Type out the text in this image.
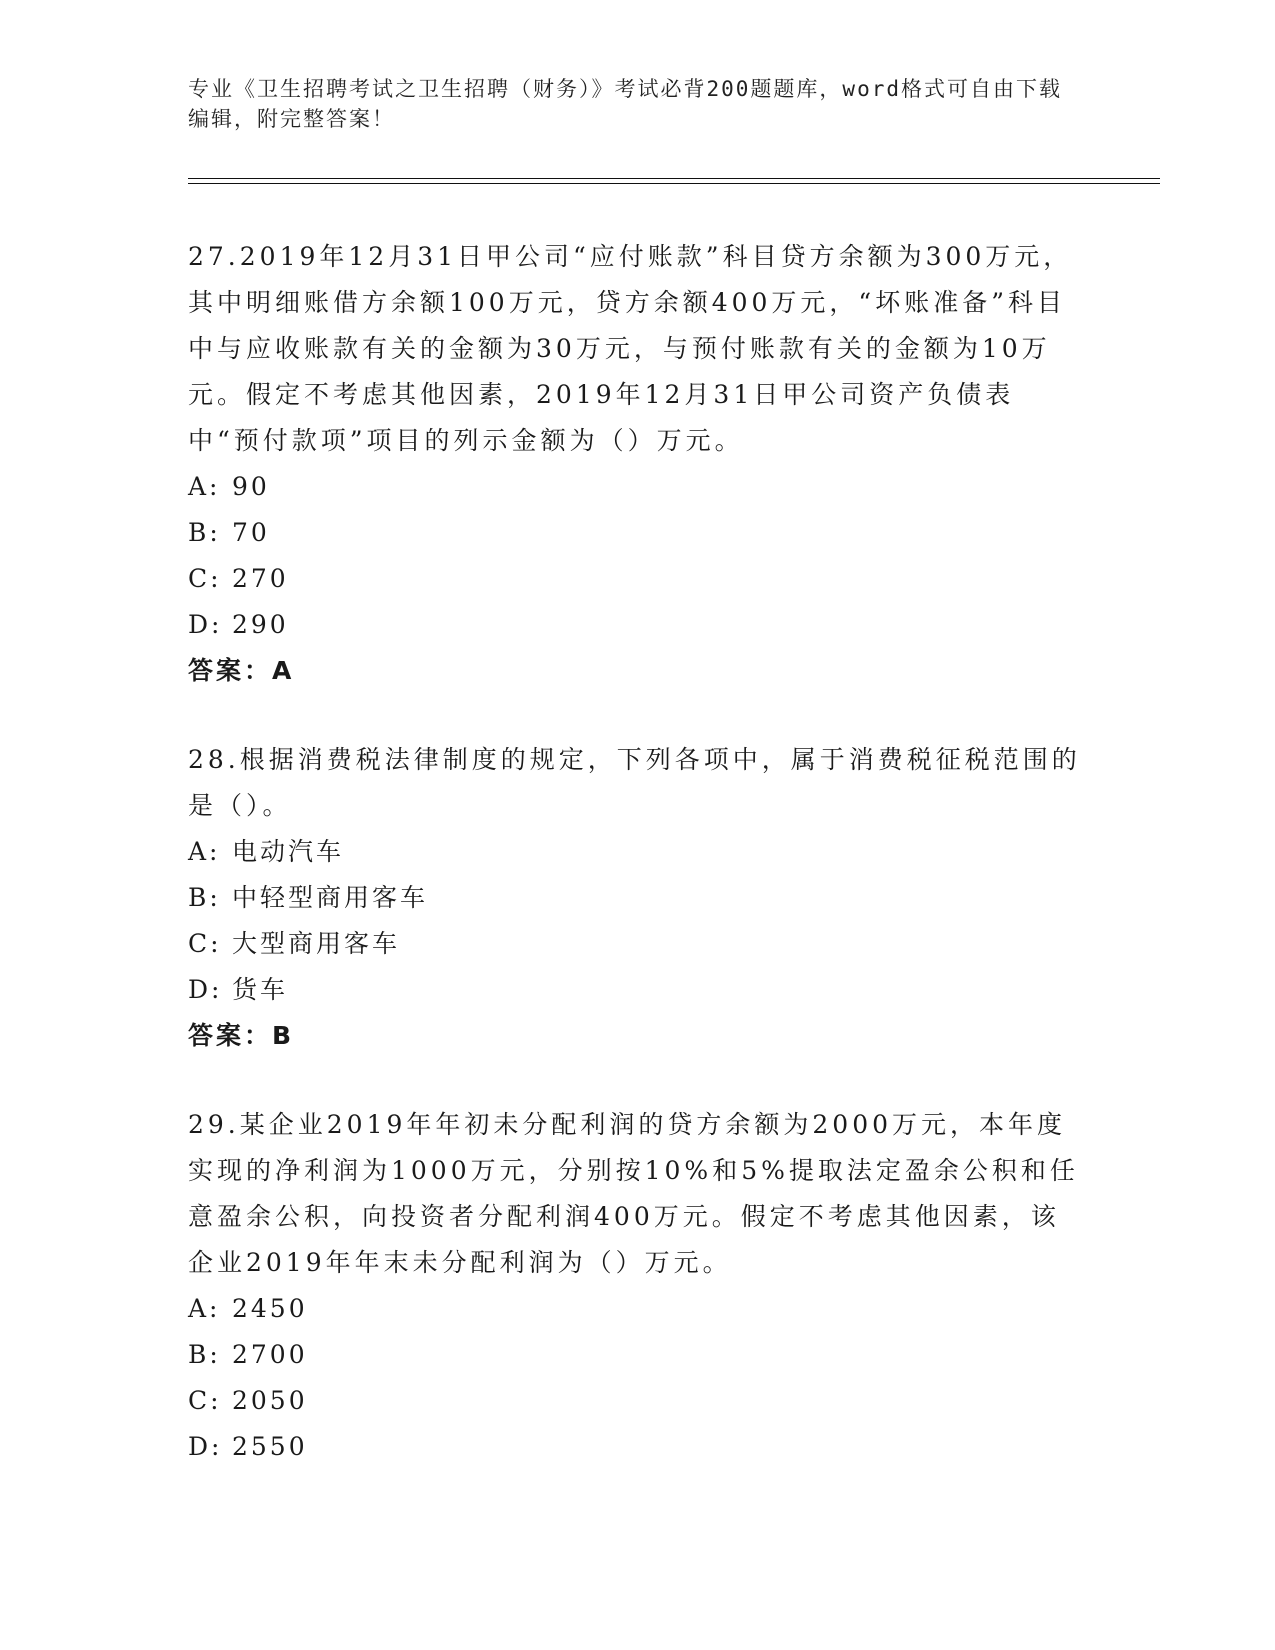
专业《卫生招聘考试之卫生招聘（财务）》考试必背200题题库，word格式可自由下载编辑，附完整答案！

27.2019年12月31日甲公司“应付账款”科目贷方余额为300万元，其中明细账借方余额100万元，贷方余额400万元，“坏账准备”科目中与应收账款有关的金额为30万元，与预付账款有关的金额为10万元。假定不考虑其他因素，2019年12月31日甲公司资产负债表中“预付款项”项目的列示金额为（）万元。

A: 90

B: 70

C: 270

D: 290

答案：A

28.根据消费税法律制度的规定，下列各项中，属于消费税征税范围的是（）。

A: 电动汽车

B: 中轻型商用客车

C: 大型商用客车

D: 货车

答案：B

29.某企业2019年年初未分配利润的贷方余额为2000万元，本年度实现的净利润为1000万元，分别按10%和5%提取法定盈余公积和任意盈余公积，向投资者分配利润400万元。假定不考虑其他因素，该企业2019年年末未分配利润为（）万元。

A: 2450

B: 2700

C: 2050

D: 2550
